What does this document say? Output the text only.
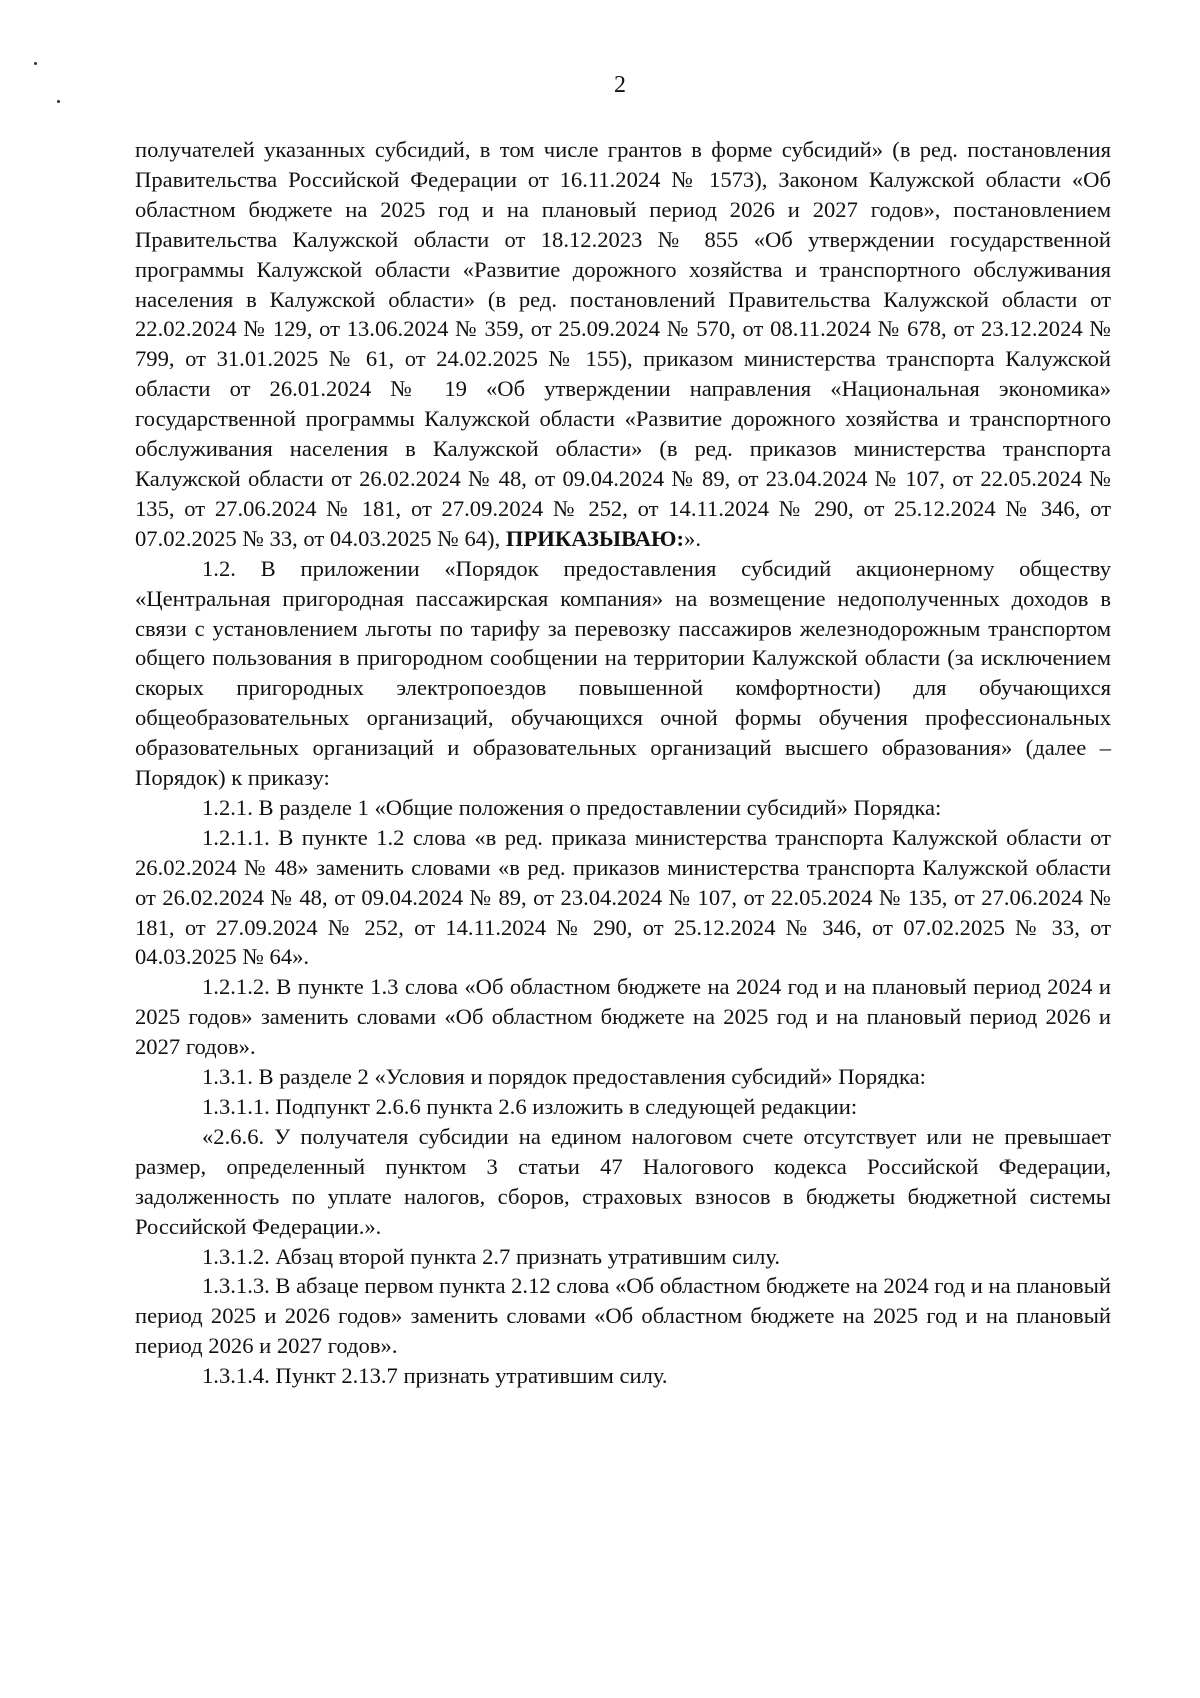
2

получателей указанных субсидий, в том числе грантов в форме субсидий» (в ред. постановления Правительства Российской Федерации от 16.11.2024 № 1573), Законом Калужской области «Об областном бюджете на 2025 год и на плановый период 2026 и 2027 годов», постановлением Правительства Калужской области от 18.12.2023 № 855 «Об утверждении государственной программы Калужской области «Развитие дорожного хозяйства и транспортного обслуживания населения в Калужской области» (в ред. постановлений Правительства Калужской области от 22.02.2024 № 129, от 13.06.2024 № 359, от 25.09.2024 № 570, от 08.11.2024 № 678, от 23.12.2024 № 799, от 31.01.2025 № 61, от 24.02.2025 № 155), приказом министерства транспорта Калужской области от 26.01.2024 № 19 «Об утверждении направления «Национальная экономика» государственной программы Калужской области «Развитие дорожного хозяйства и транспортного обслуживания населения в Калужской области» (в ред. приказов министерства транспорта Калужской области от 26.02.2024 № 48, от 09.04.2024 № 89, от 23.04.2024 № 107, от 22.05.2024 № 135, от 27.06.2024 № 181, от 27.09.2024 № 252, от 14.11.2024 № 290, от 25.12.2024 № 346, от 07.02.2025 № 33, от 04.03.2025 № 64), ПРИКАЗЫВАЮ:».

1.2. В приложении «Порядок предоставления субсидий акционерному обществу «Центральная пригородная пассажирская компания» на возмещение недополученных доходов в связи с установлением льготы по тарифу за перевозку пассажиров железнодорожным транспортом общего пользования в пригородном сообщении на территории Калужской области (за исключением скорых пригородных электропоездов повышенной комфортности) для обучающихся общеобразовательных организаций, обучающихся очной формы обучения профессиональных образовательных организаций и образовательных организаций высшего образования» (далее – Порядок) к приказу:

1.2.1. В разделе 1 «Общие положения о предоставлении субсидий» Порядка:

1.2.1.1. В пункте 1.2 слова «в ред. приказа министерства транспорта Калужской области от 26.02.2024 № 48» заменить словами «в ред. приказов министерства транспорта Калужской области от 26.02.2024 № 48, от 09.04.2024 № 89, от 23.04.2024 № 107, от 22.05.2024 № 135, от 27.06.2024 № 181, от 27.09.2024 № 252, от 14.11.2024 № 290, от 25.12.2024 № 346, от 07.02.2025 № 33, от 04.03.2025 № 64».

1.2.1.2. В пункте 1.3 слова «Об областном бюджете на 2024 год и на плановый период 2024 и 2025 годов» заменить словами «Об областном бюджете на 2025 год и на плановый период 2026 и 2027 годов».

1.3.1. В разделе 2 «Условия и порядок предоставления субсидий» Порядка:

1.3.1.1. Подпункт 2.6.6 пункта 2.6 изложить в следующей редакции:

«2.6.6. У получателя субсидии на едином налоговом счете отсутствует или не превышает размер, определенный пунктом 3 статьи 47 Налогового кодекса Российской Федерации, задолженность по уплате налогов, сборов, страховых взносов в бюджеты бюджетной системы Российской Федерации.».

1.3.1.2. Абзац второй пункта 2.7 признать утратившим силу.

1.3.1.3. В абзаце первом пункта 2.12 слова «Об областном бюджете на 2024 год и на плановый период 2025 и 2026 годов» заменить словами «Об областном бюджете на 2025 год и на плановый период 2026 и 2027 годов».

1.3.1.4. Пункт 2.13.7 признать утратившим силу.
